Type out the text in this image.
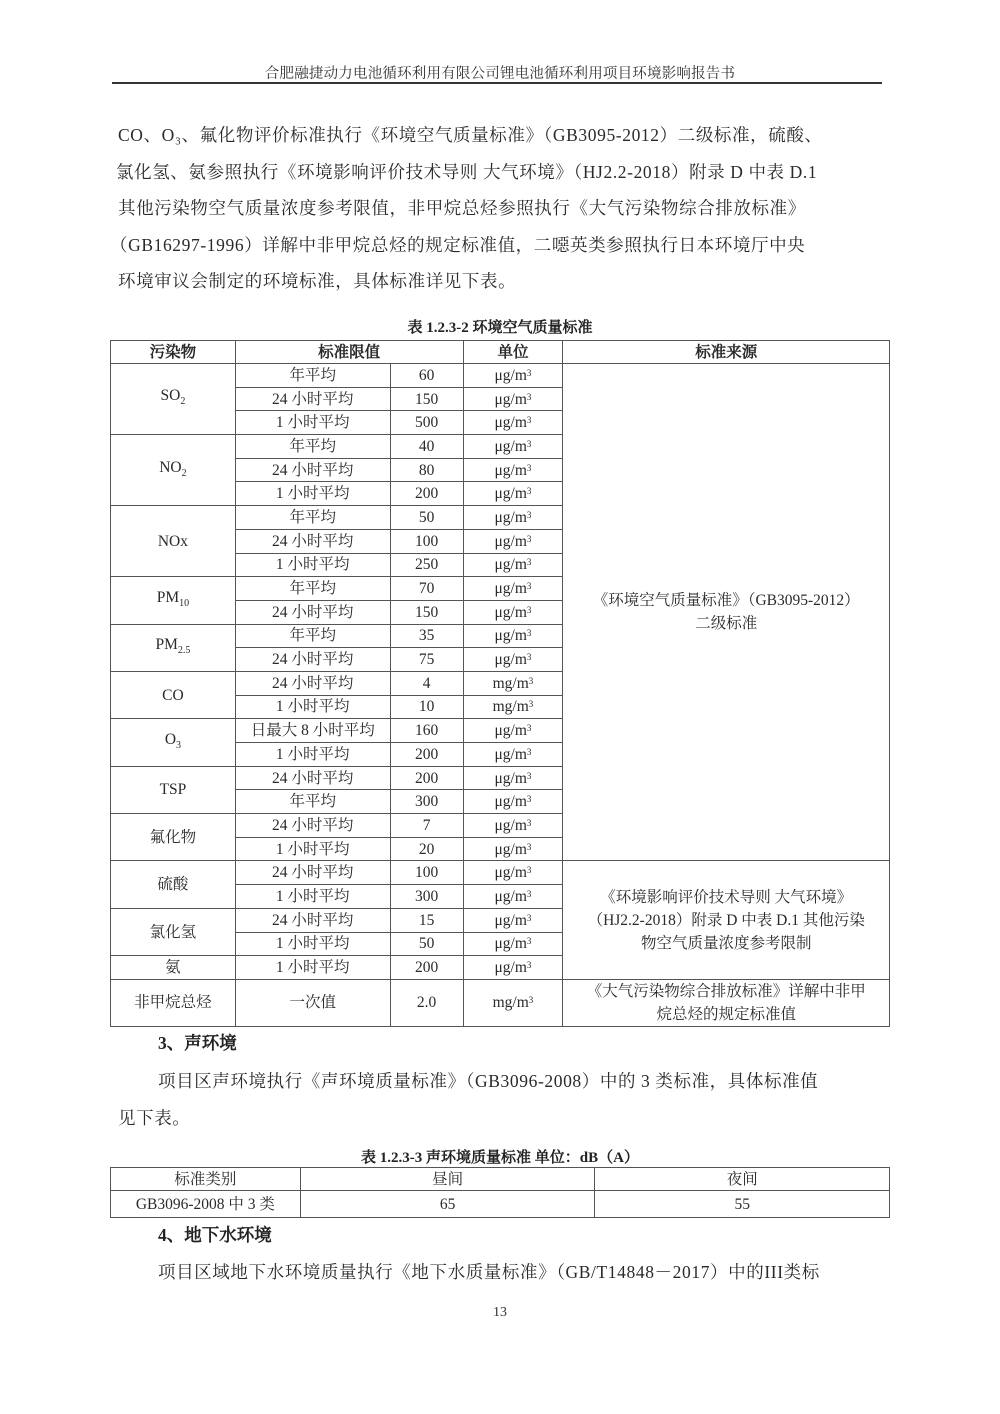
合肥融捷动力电池循环利用有限公司锂电池循环利用项目环境影响报告书
CO、O₃、氟化物评价标准执行《环境空气质量标准》（GB3095-2012）二级标准，硫酸、
氯化氢、氨参照执行《环境影响评价技术导则 大气环境》（HJ2.2-2018）附录 D 中表 D.1
其他污染物空气质量浓度参考限值，非甲烷总烃参照执行《大气污染物综合排放标准》
（GB16297-1996）详解中非甲烷总烃的规定标准值，二噁英类参照执行日本环境厅中央
环境审议会制定的环境标准，具体标准详见下表。
表 1.2.3-2 环境空气质量标准
污染物	标准限值		单位	标准来源
$SO_2$	年平均	60	$\mu g/m^3$	《环境空气质量标准》（GB3095-2012）
二级标准

	24 小时平均	150	$\mu g/m^3$
	1 小时平均	500	$\mu g/m^3$
$NO_2$	年平均	40	$\mu g/m^3$
	24 小时平均	80	$\mu g/m^3$
	1 小时平均	200	$\mu g/m^3$
NOx	年平均	50	$\mu g/m^3$
	24 小时平均	100	$\mu g/m^3$
	1 小时平均	250	$\mu g/m^3$
$PM_{10}$	年平均	70	$\mu g/m^3$
	24 小时平均	150	$\mu g/m^3$
$PM_{2.5}$	年平均	35	$\mu g/m^3$
	24 小时平均	75	$\mu g/m^3$
CO	24 小时平均	4	$mg/m^3$
	1 小时平均	10	$mg/m^3$
$O_3$	日最大 8 小时平均	160	$\mu g/m^3$
	1 小时平均	200	$\mu g/m^3$
TSP	24 小时平均	200	$\mu g/m^3$
	年平均	300	$\mu g/m^3$
氟化物	24 小时平均	7	$\mu g/m^3$
	1 小时平均	20	$\mu g/m^3$
硫酸	24 小时平均	100	$\mu g/m^3$	《环境影响评价技术导则 大气环境》
（HJ2.2-2018）附录 D 中表 D.1 其他污染
物空气质量浓度参考限制

	1 小时平均	300	$\mu g/m^3$
氯化氢	24 小时平均	15	$\mu g/m^3$
	1 小时平均	50	$\mu g/m^3$
氨	1 小时平均	200	$\mu g/m^3$
非甲烷总烃	一次值	2.0	$mg/m^3$	《大气污染物综合排放标准》详解中非甲
烷总烃的规定标准值
3、声环境
项目区声环境执行《声环境质量标准》（GB3096-2008）中的 3 类标准，具体标准值
见下表。
表 1.2.3-3 声环境质量标准 单位：dB（A）
标准类别	昼间	夜间
GB3096-2008 中 3 类	65	55
4、地下水环境
项目区域地下水环境质量执行《地下水质量标准》（GB/T14848－2017）中的III类标
13
